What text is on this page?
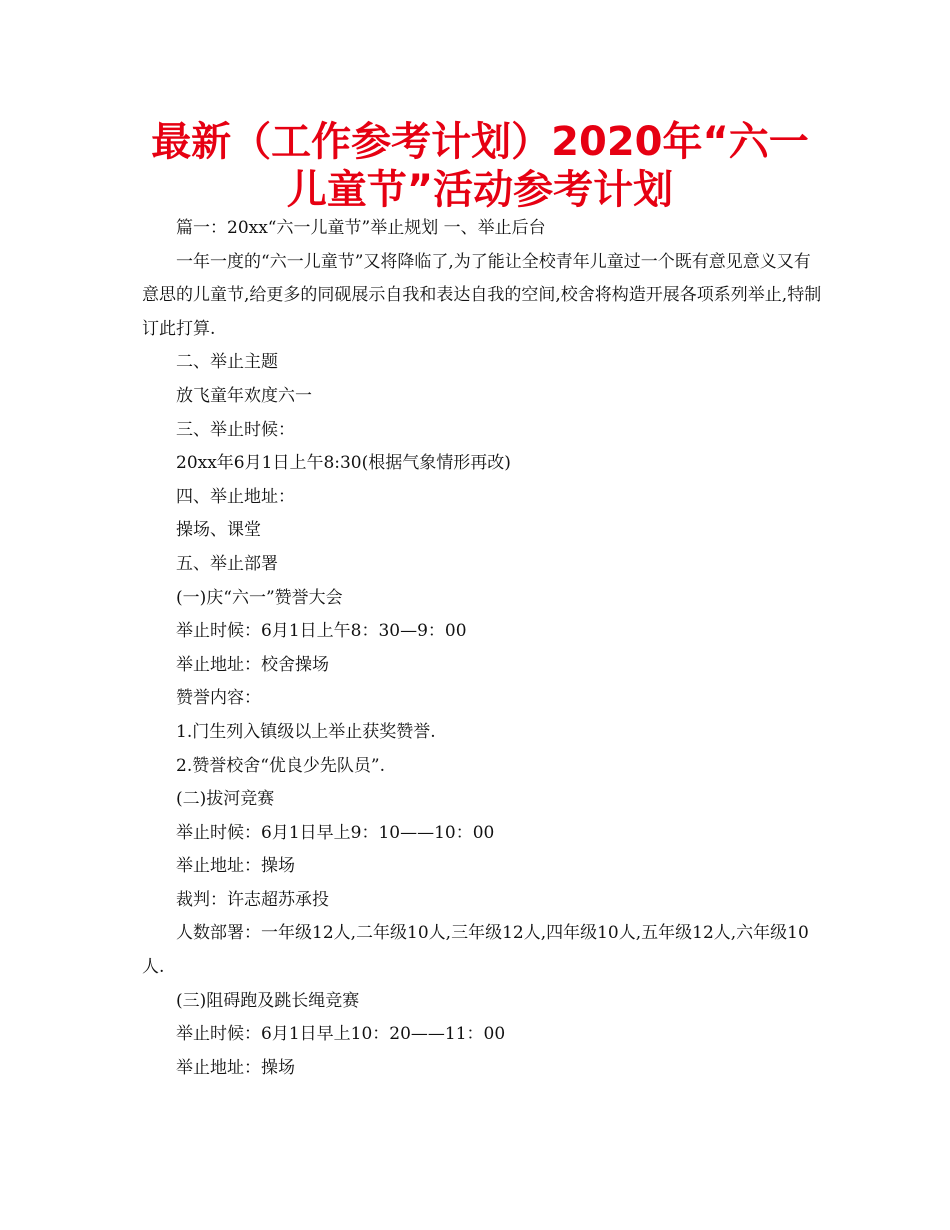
最新（工作参考计划）2020年“六一儿童节”活动参考计划

篇一：20xx“六一儿童节”举止规划 一、举止后台

一年一度的“六一儿童节”又将降临了,为了能让全校青年儿童过一个既有意见意义又有意思的儿童节,给更多的同砚展示自我和表达自我的空间,校舍将构造开展各项系列举止,特制订此打算.

二、举止主题

放飞童年欢度六一

三、举止时候：

20xx年6月1日上午8:30(根据气象情形再改)

四、举止地址：

操场、课堂

五、举止部署

(一)庆“六一”赞誉大会

举止时候：6月1日上午8：30—9：00

举止地址：校舍操场

赞誉内容：

1.门生列入镇级以上举止获奖赞誉.

2.赞誉校舍“优良少先队员”.

(二)拔河竞赛

举止时候：6月1日早上9：10——10：00

举止地址：操场

裁判：许志超苏承投

人数部署：一年级12人,二年级10人,三年级12人,四年级10人,五年级12人,六年级10人.

(三)阻碍跑及跳长绳竞赛

举止时候：6月1日早上10：20——11：00

举止地址：操场
